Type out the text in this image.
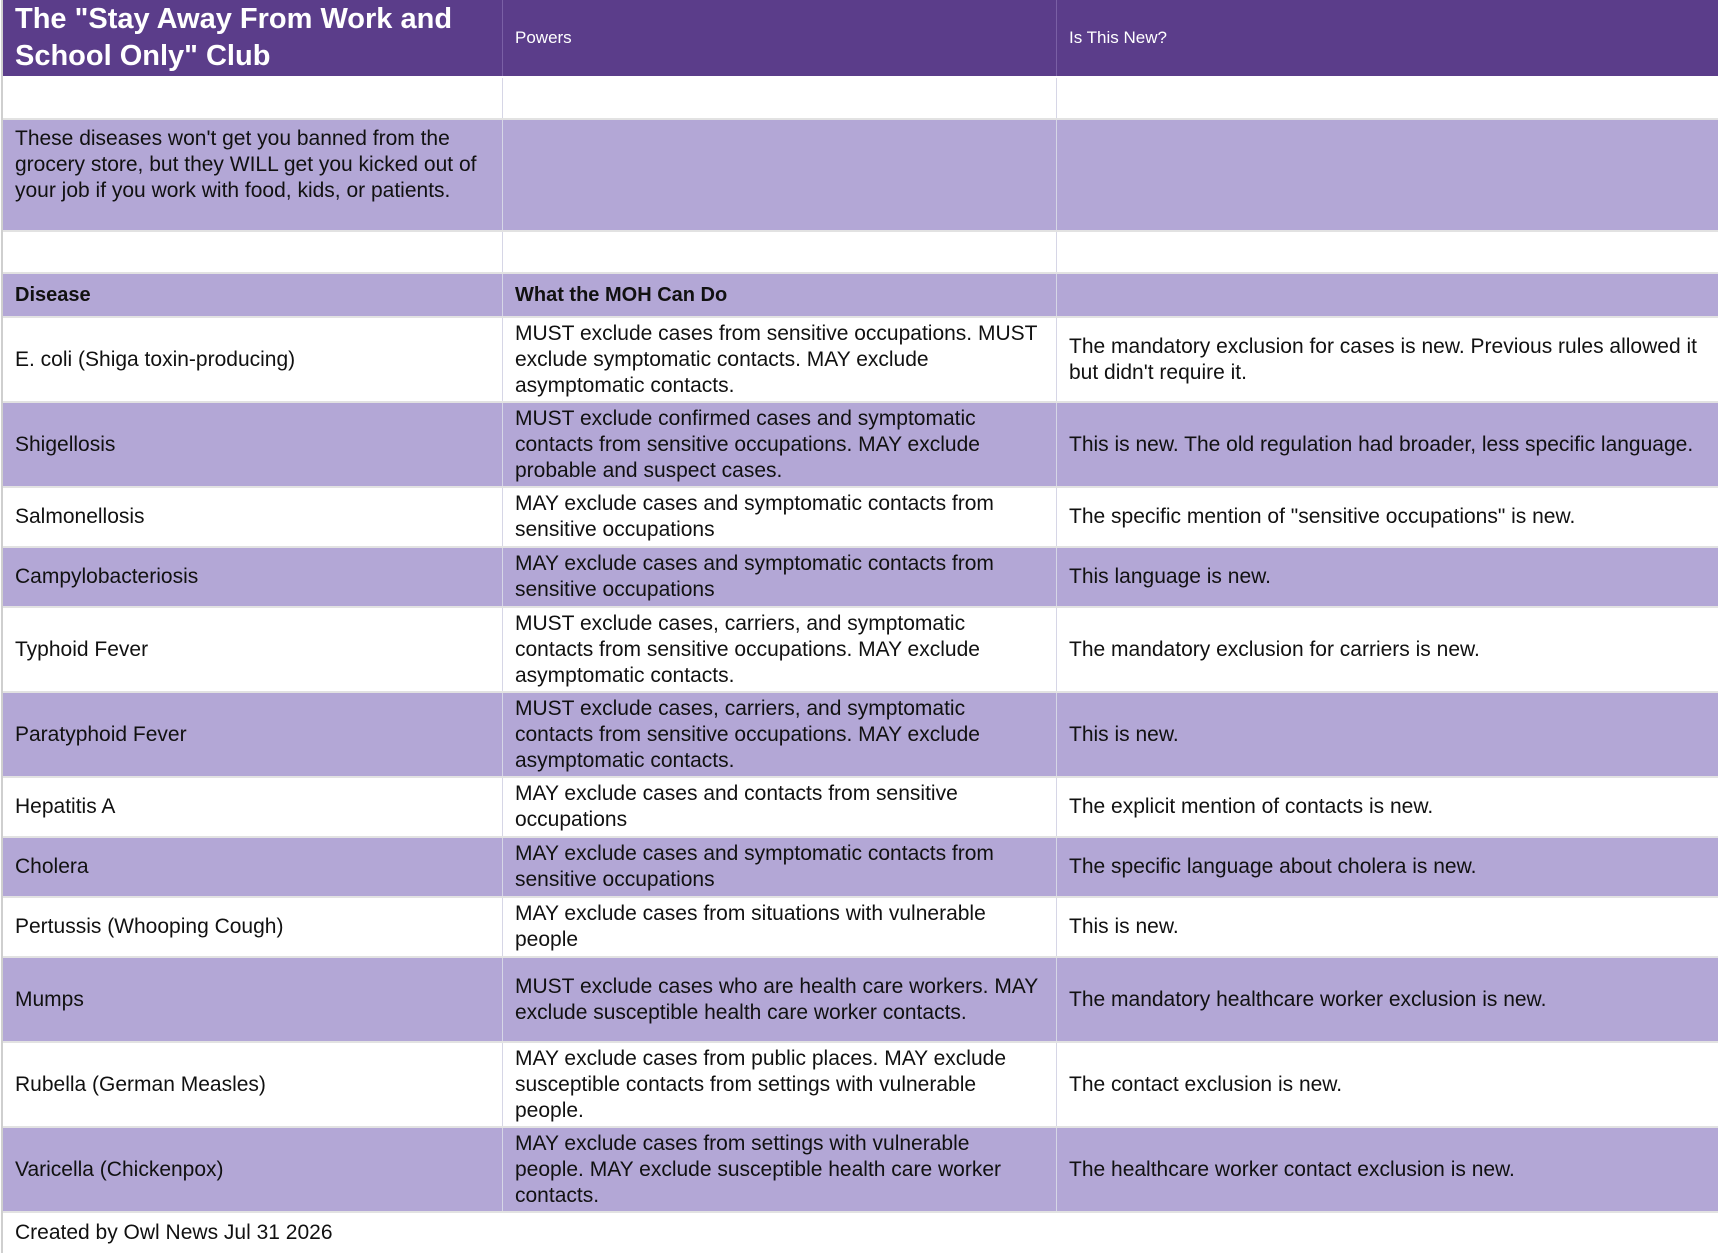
The "Stay Away From Work and School Only" Club
Powers	Is This New?
These diseases won't get you banned from the grocery store, but they WILL get you kicked out of your job if you work with food, kids, or patients.
Disease	What the MOH Can Do
E. coli (Shiga toxin-producing)
MUST exclude cases from sensitive occupations. MUST exclude symptomatic contacts. MAY exclude asymptomatic contacts.
The mandatory exclusion for cases is new. Previous rules allowed it but didn't require it.
Shigellosis
MUST exclude confirmed cases and symptomatic contacts from sensitive occupations. MAY exclude probable and suspect cases.
This is new. The old regulation had broader, less specific language.
Salmonellosis
MAY exclude cases and symptomatic contacts from sensitive occupations
The specific mention of "sensitive occupations" is new.
Campylobacteriosis
MAY exclude cases and symptomatic contacts from sensitive occupations
This language is new.
Typhoid Fever
MUST exclude cases, carriers, and symptomatic contacts from sensitive occupations. MAY exclude asymptomatic contacts.
The mandatory exclusion for carriers is new.
Paratyphoid Fever
MUST exclude cases, carriers, and symptomatic contacts from sensitive occupations. MAY exclude asymptomatic contacts.
This is new.
Hepatitis A
MAY exclude cases and contacts from sensitive occupations
The explicit mention of contacts is new.
Cholera
MAY exclude cases and symptomatic contacts from sensitive occupations
The specific language about cholera is new.
Pertussis (Whooping Cough)
MAY exclude cases from situations with vulnerable people
This is new.
Mumps
MUST exclude cases who are health care workers. MAY exclude susceptible health care worker contacts.
The mandatory healthcare worker exclusion is new.
Rubella (German Measles)
MAY exclude cases from public places. MAY exclude susceptible contacts from settings with vulnerable people.
The contact exclusion is new.
Varicella (Chickenpox)
MAY exclude cases from settings with vulnerable people. MAY exclude susceptible health care worker contacts.
The healthcare worker contact exclusion is new.
Created by Owl News Jul 31 2026
